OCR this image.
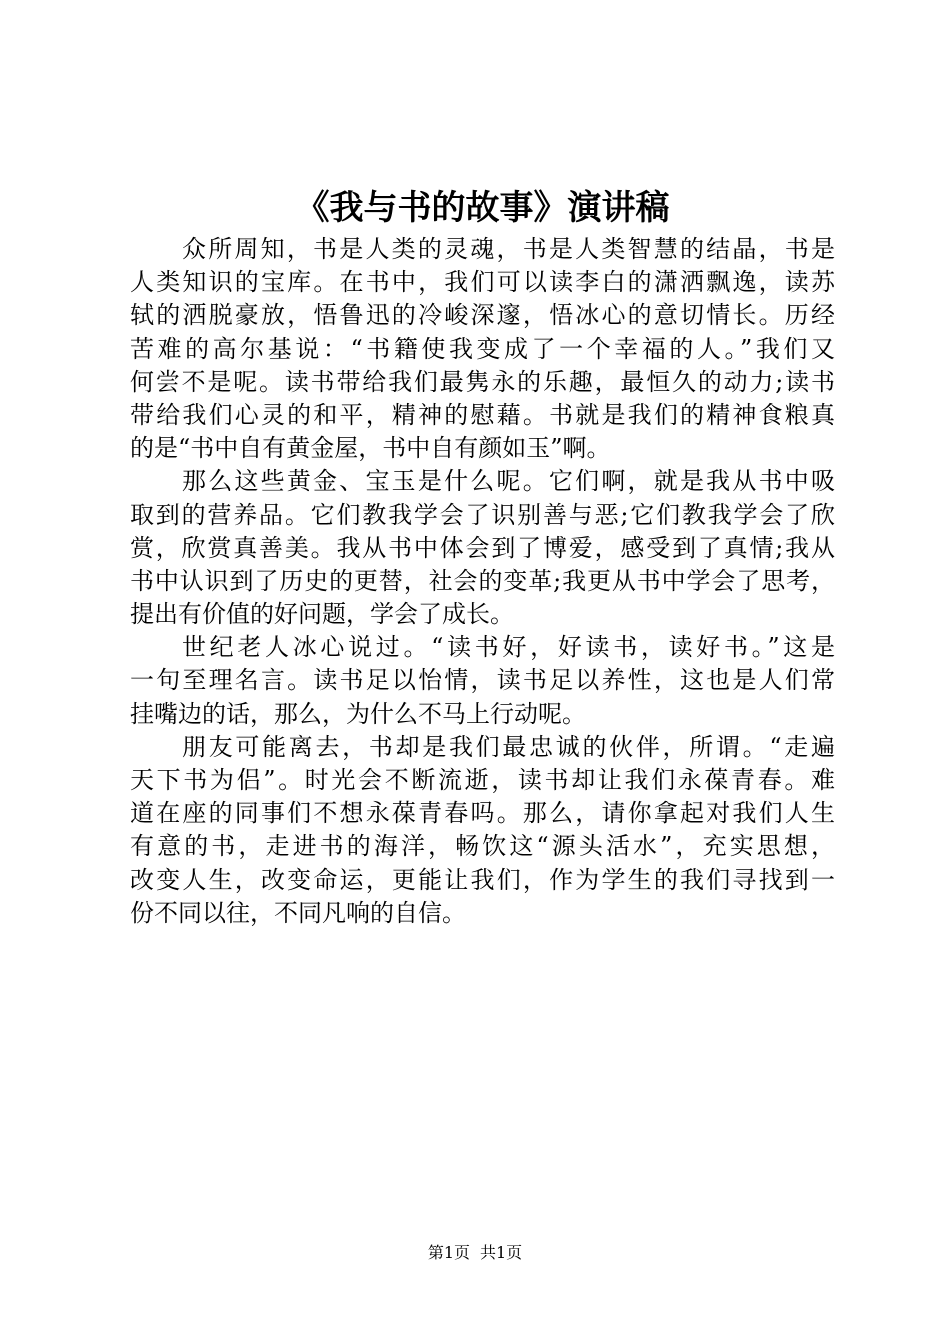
《我与书的故事》演讲稿
众所周知，书是人类的灵魂，书是人类智慧的结晶，书是
人类知识的宝库。在书中，我们可以读李白的潇洒飘逸，读苏
轼的洒脱豪放，悟鲁迅的冷峻深邃，悟冰心的意切情长。历经
苦难的高尔基说：“书籍使我变成了一个幸福的人。”我们又
何尝不是呢。读书带给我们最隽永的乐趣，最恒久的动力;读书
带给我们心灵的和平，精神的慰藉。书就是我们的精神食粮真
的是“书中自有黄金屋，书中自有颜如玉”啊。
那么这些黄金、宝玉是什么呢。它们啊，就是我从书中吸
取到的营养品。它们教我学会了识别善与恶;它们教我学会了欣
赏，欣赏真善美。我从书中体会到了博爱，感受到了真情;我从
书中认识到了历史的更替，社会的变革;我更从书中学会了思考，
提出有价值的好问题，学会了成长。
世纪老人冰心说过。“读书好，好读书，读好书。”这是
一句至理名言。读书足以怡情，读书足以养性，这也是人们常
挂嘴边的话，那么，为什么不马上行动呢。
朋友可能离去，书却是我们最忠诚的伙伴，所谓。“走遍
天下书为侣”。时光会不断流逝，读书却让我们永葆青春。难
道在座的同事们不想永葆青春吗。那么，请你拿起对我们人生
有意的书，走进书的海洋，畅饮这“源头活水”，充实思想，
改变人生，改变命运，更能让我们，作为学生的我们寻找到一
份不同以往，不同凡响的自信。
第1页 共1页
